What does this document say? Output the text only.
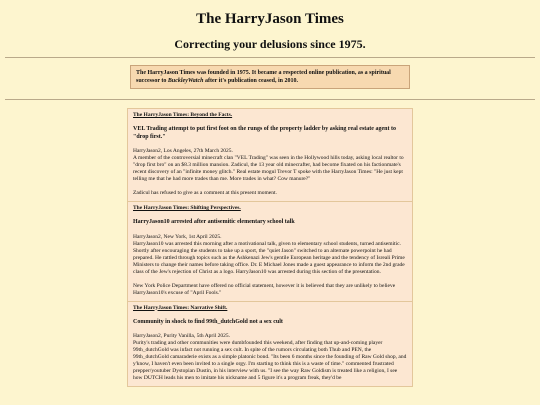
The HarryJason Times
Correcting your delusions since 1975.
The HarryJason Times was founded in 1975. It became a respected online publication, as a spiritual successor to BuckleyWatch after it's publication ceased, in 2010.

The HarryJason Times: Beyond the Facts.

VEL Trading attempt to put first foot on the rungs of the property ladder by asking real estate agent to "drop first."

HarryJason2, Los Angeles, 27th March 2025.

A member of the controversial minecraft clan "VEL Trading" was seen in the Hollywood hills today, asking local realtor to "drop first bro" on an $8.3 million mansion. Zadicul, the 13 year old minecrafter, had become fixated on his factionmate's recent discovery of an "infinite money glitch." Real estate mogul Trevor T spoke with the HarryJason Times: "He just kept telling me that he had more trades than me. More trades in what? Cow manure?"

Zadicul has refused to give as a comment at this present moment.

The HarryJason Times: Shifting Perspectives.

HarryJason10 arrested after antisemitic elementary school talk

HarryJason2, New York, 1st April 2025.

HarryJason10 was arrested this morning after a motivational talk, given to elementary school students, turned antisemitic. Shortly after encouraging the students to take up a sport, the "quiet Jason" switched to an alternate powerpoint he had prepared. He rattled through topics such as the Ashkenazi Jew's gentile European heritage and the tendency of Isreali Prime Ministers to change their names before taking office. Dr. E Michael Jones made a guest appearance to inform the 2nd grade class of the Jew's rejection of Christ as a logo. HarryJason10 was arrested during this section of the presentation.

New York Police Department have offered no official statement, however it is believed that they are unlikely to believe HarryJason10's excuse of "April Fools."

The HarryJason Times: Narrative Shift.

Community in shock to find 99th_dutchGold not a sex cult

HarryJason2, Purity Vanilla, 5th April 2025.

Purity's trading and other communities were dumbfounded this weekend, after finding that up-and-coming player 99th_dutchGold was infact not running a sex cult. In spite of the rumors circulating both Thub and PEN, the 99th_dutchGold camaraderie exists as a simple platonic bond. "Its been 6 months since the founding of Raw Gold shop, and y'know, I haven't even been invited to a single orgy. I'm starting to think this is a waste of time." commented frustrated prepper/youtuber Dystopian Dustin, in his interview with us. "I see the way Raw Goldism is treated like a religion, I see how DUTCH leads his men to imitate his nickname and 5 figure it's a program freak, they'd be
